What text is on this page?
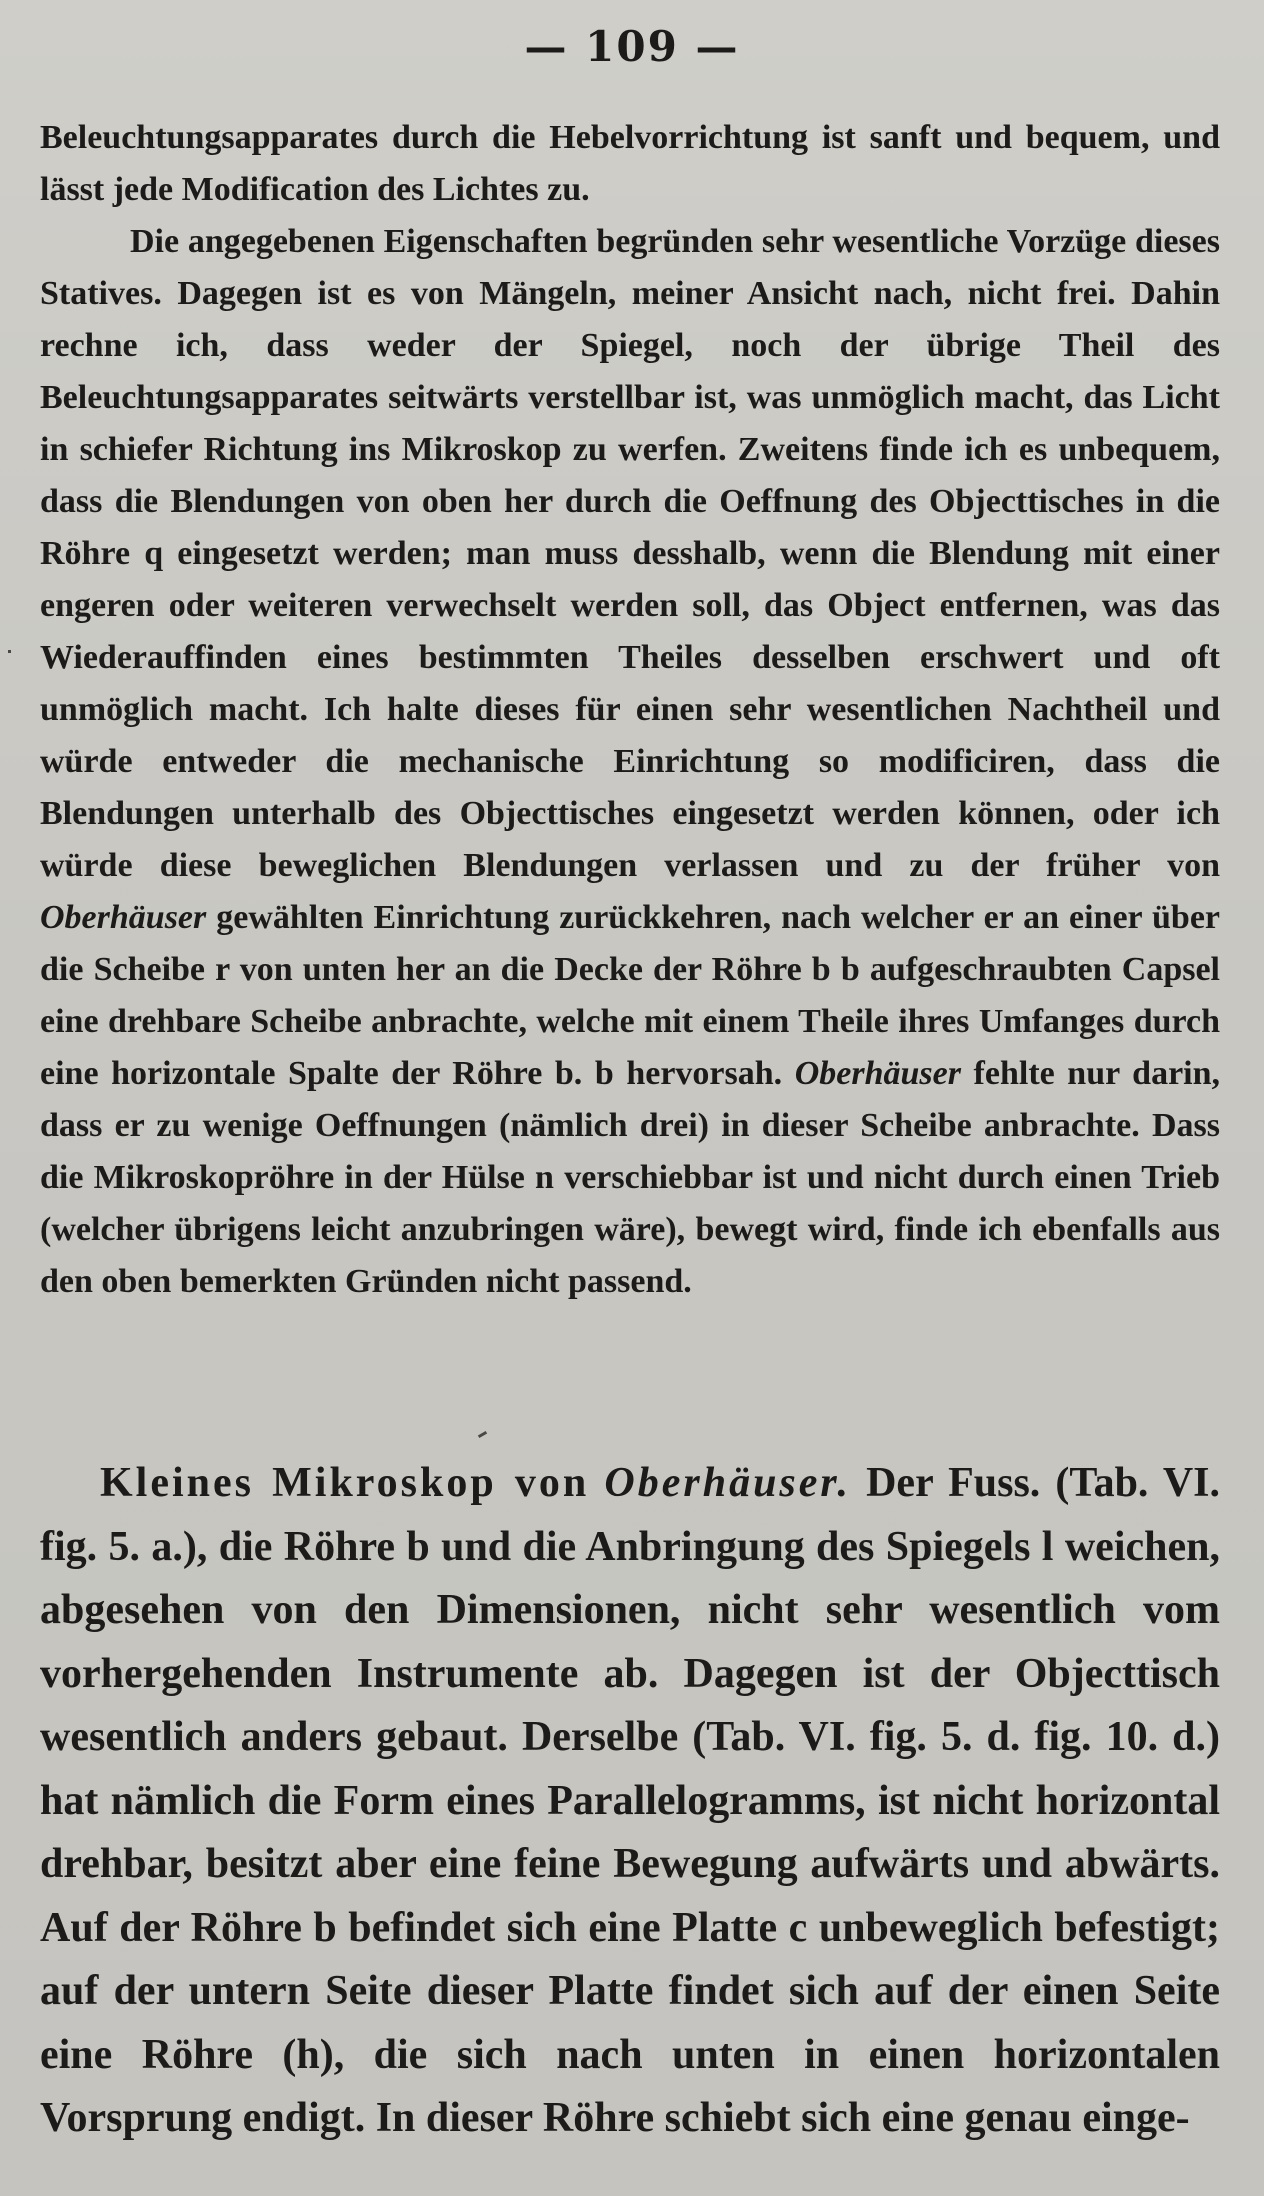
— 109 —

Beleuchtungsapparates durch die Hebelvorrichtung ist sanft und bequem, und lässt jede Modification des Lichtes zu.

Die angegebenen Eigenschaften begründen sehr wesentliche Vorzüge dieses Statives. Dagegen ist es von Mängeln, meiner Ansicht nach, nicht frei. Dahin rechne ich, dass weder der Spiegel, noch der übrige Theil des Beleuchtungsapparates seitwärts verstellbar ist, was unmöglich macht, das Licht in schiefer Richtung ins Mikroskop zu werfen. Zweitens finde ich es unbequem, dass die Blendungen von oben her durch die Oeffnung des Objecttisches in die Röhre q eingesetzt werden; man muss desshalb, wenn die Blendung mit einer engeren oder weiteren verwechselt werden soll, das Object entfernen, was das Wiederauffinden eines bestimmten Theiles desselben erschwert und oft unmöglich macht. Ich halte dieses für einen sehr wesentlichen Nachtheil und würde entweder die mechanische Einrichtung so modificiren, dass die Blendungen unterhalb des Objecttisches eingesetzt werden können, oder ich würde diese beweglichen Blendungen verlassen und zu der früher von Oberhäuser gewählten Einrichtung zurückkehren, nach welcher er an einer über die Scheibe r von unten her an die Decke der Röhre b b aufgeschraubten Capsel eine drehbare Scheibe anbrachte, welche mit einem Theile ihres Umfanges durch eine horizontale Spalte der Röhre b. b hervorsah. Oberhäuser fehlte nur darin, dass er zu wenige Oeffnungen (nämlich drei) in dieser Scheibe anbrachte. Dass die Mikroskopröhre in der Hülse n verschiebbar ist und nicht durch einen Trieb (welcher übrigens leicht anzubringen wäre), bewegt wird, finde ich ebenfalls aus den oben bemerkten Gründen nicht passend.

Kleines Mikroskop von Oberhäuser. Der Fuss. (Tab. VI. fig. 5. a.), die Röhre b und die Anbringung des Spiegels l weichen, abgesehen von den Dimensionen, nicht sehr wesentlich vom vorhergehenden Instrumente ab. Dagegen ist der Objecttisch wesentlich anders gebaut. Derselbe (Tab. VI. fig. 5. d. fig. 10. d.) hat nämlich die Form eines Parallelogramms, ist nicht horizontal drehbar, besitzt aber eine feine Bewegung aufwärts und abwärts. Auf der Röhre b befindet sich eine Platte c unbeweglich befestigt; auf der untern Seite dieser Platte findet sich auf der einen Seite eine Röhre (h), die sich nach unten in einen horizontalen Vorsprung endigt. In dieser Röhre schiebt sich eine genau einge-
